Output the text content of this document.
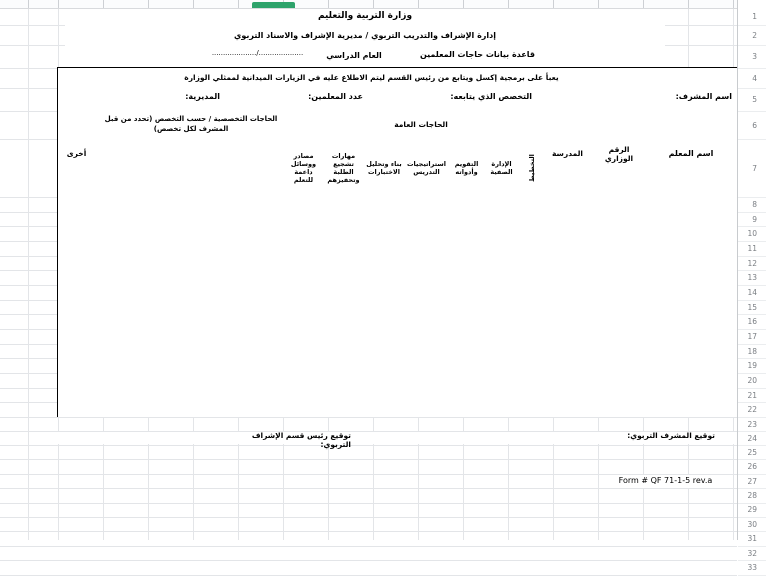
وزارة التربية والتعليم
إدارة الإشراف والتدريب التربوي / مديرية الإشراف والاسناد التربوي
قاعدة بيانات حاجات المعلمين
العام الدراسي
..................../....................
يعبأ على برمجية إكسل ويتابع من رئيس القسم ليتم الاطلاع عليه في الزيارات الميدانية لممثلي الوزارة
اسم المشرف:
التخصص الذي يتابعه:
عدد المعلمين:
المديرية:
اسم المعلم
الرقم الوزاري
المدرسة
أخرى
الحاجات العامة
الحاجات التخصصية / حسب التخصص (تحدد من قبل المشرف لكل تخصص)
التخطيط
الإدارة الصفية
التقويم وأدواته
استراتيجيات التدريس
بناء وتحليل الاختبارات
مهارات تشجيع الطلبة وتحفيزهم
مصادر ووسائل داعمة للتعلم
توقيع المشرف التربوي:
توقيع رئيس قسم الإشراف التربوي:
Form # QF 71-1-5 rev.a
1
2
3
4
5
6
7
8
9
10
11
12
13
14
15
16
17
18
19
20
21
22
23
24
25
26
27
28
29
30
31
32
33
